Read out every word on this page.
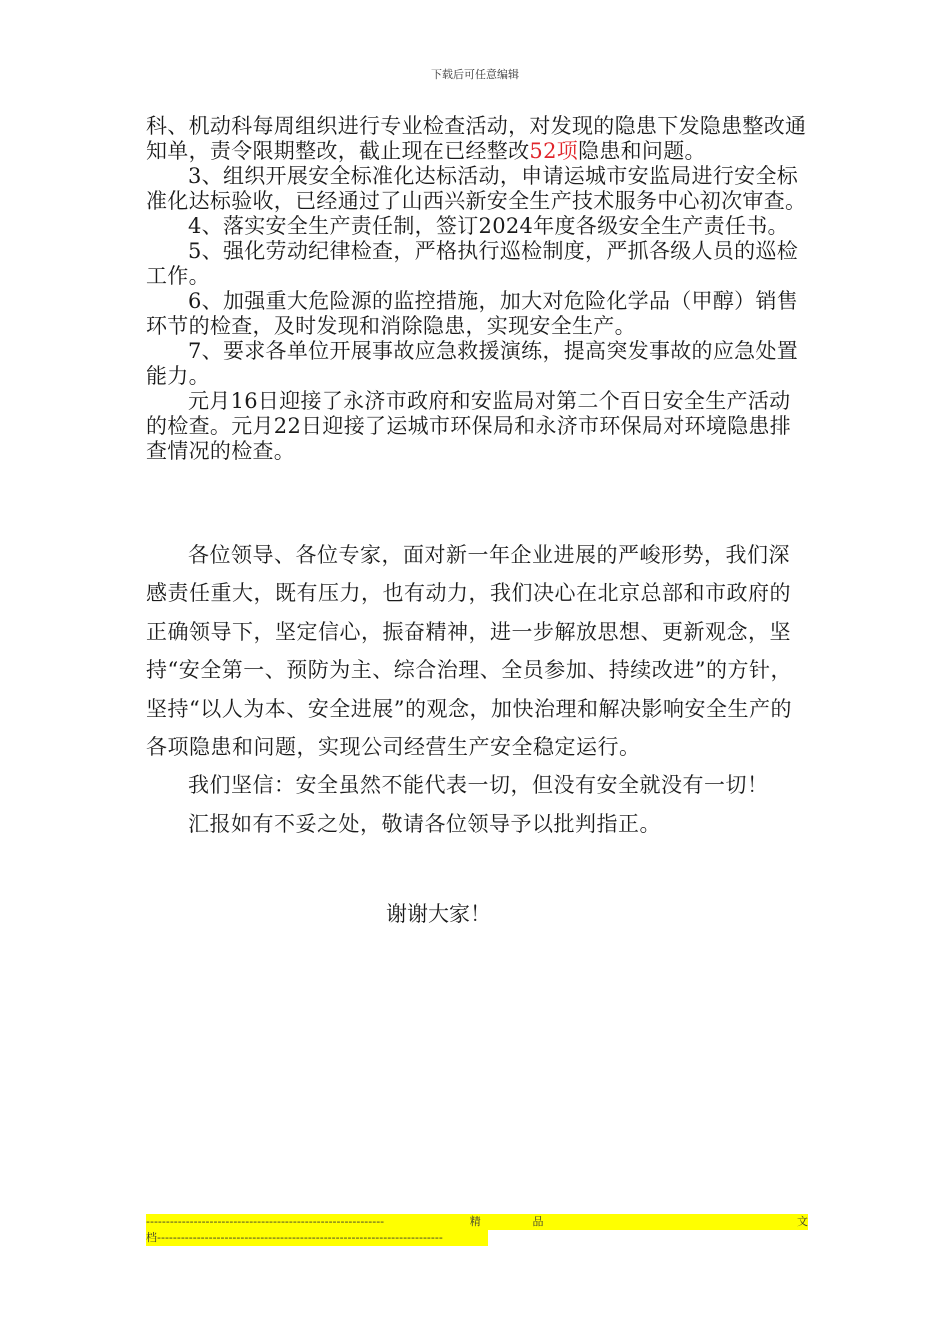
下载后可任意编辑

科、机动科每周组织进行专业检查活动，对发现的隐患下发隐患整改通知单，责令限期整改，截止现在已经整改52项隐患和问题。

3、组织开展安全标准化达标活动，申请运城市安监局进行安全标准化达标验收，已经通过了山西兴新安全生产技术服务中心初次审查。

4、落实安全生产责任制，签订2024年度各级安全生产责任书。

5、强化劳动纪律检查，严格执行巡检制度，严抓各级人员的巡检工作。

6、加强重大危险源的监控措施，加大对危险化学品（甲醇）销售环节的检查，及时发现和消除隐患，实现安全生产。

7、要求各单位开展事故应急救援演练，提高突发事故的应急处置能力。

元月16日迎接了永济市政府和安监局对第二个百日安全生产活动的检查。元月22日迎接了运城市环保局和永济市环保局对环境隐患排查情况的检查。

各位领导、各位专家，面对新一年企业进展的严峻形势，我们深感责任重大，既有压力，也有动力，我们决心在北京总部和市政府的正确领导下，坚定信心，振奋精神，进一步解放思想、更新观念，坚持“安全第一、预防为主、综合治理、全员参加、持续改进”的方针，坚持“以人为本、安全进展”的观念，加快治理和解决影响安全生产的各项隐患和问题，实现公司经营生产安全稳定运行。

我们坚信：安全虽然不能代表一切，但没有安全就没有一切！

汇报如有不妥之处，敬请各位领导予以批判指正。

谢谢大家！
------------------------------------------------------------	精	品	文
档------------------------------------------------------------------------
